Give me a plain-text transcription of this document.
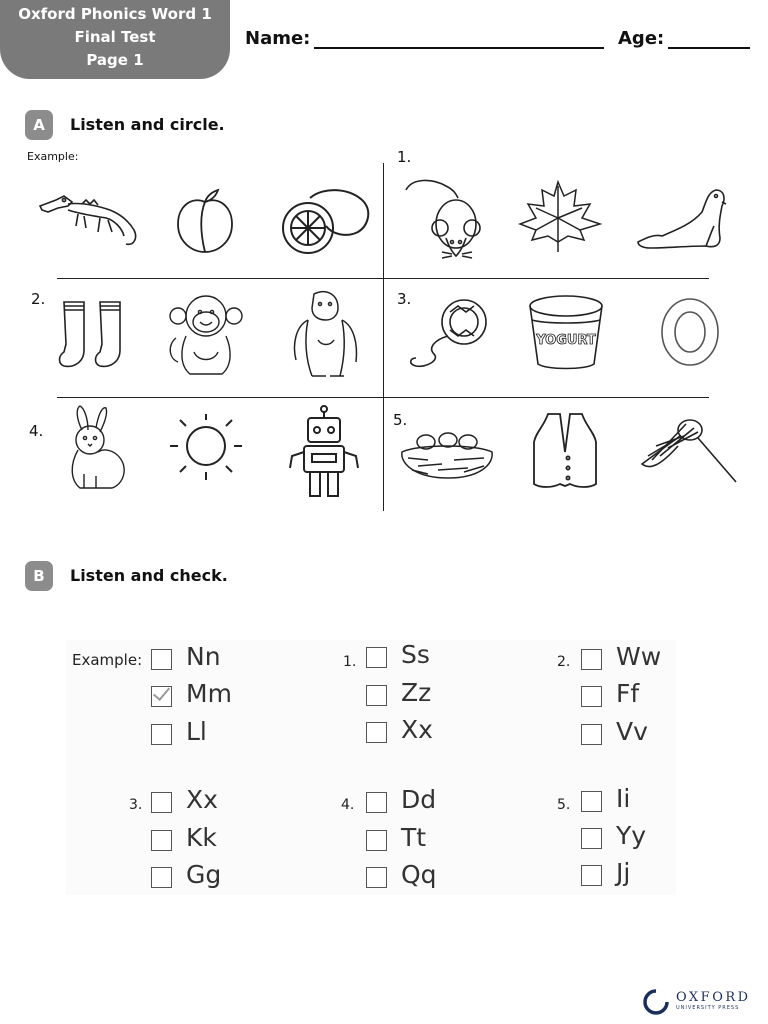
Oxford Phonics Word 1
Final Test
Page 1
Name:	Age:
A	Listen and circle.
Example:	1.
2.	3.
4.
5.
YOGURT
B	Listen and check.
Example:	1.	2.
3.	4.	5.
Nn
Mm
Ll
Ss
Zz
Xx
Ww
Ff
Vv
Xx
Kk
Gg
Dd
Tt
Qq
Ii
Yy
Jj
OXFORD
UNIVERSITY PRESS
